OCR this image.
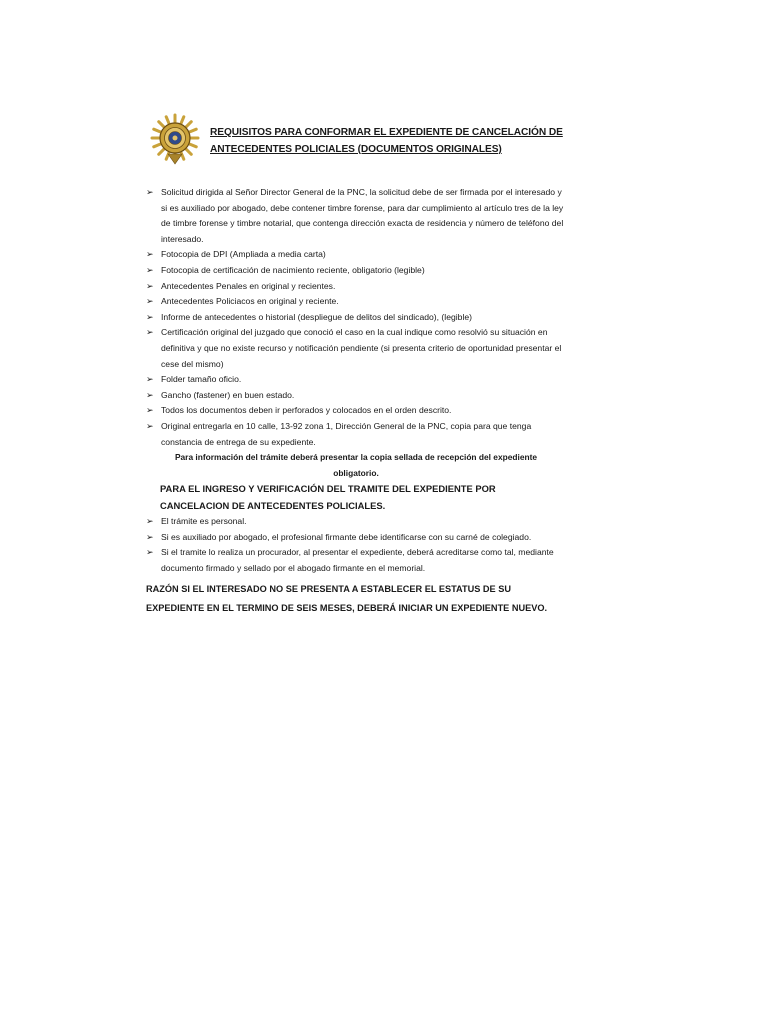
REQUISITOS PARA CONFORMAR EL EXPEDIENTE DE CANCELACIÓN DE ANTECEDENTES POLICIALES (DOCUMENTOS ORIGINALES)
➢ Solicitud dirigida al Señor Director General de la PNC, la solicitud debe de ser firmada por el interesado y si es auxiliado por abogado, debe contener timbre forense, para dar cumplimiento al artículo tres de la ley de timbre forense y timbre notarial, que contenga dirección exacta de residencia y número de teléfono del interesado.
➢ Fotocopia de DPI (Ampliada a media carta)
➢ Fotocopia de certificación de nacimiento reciente, obligatorio (legible)
➢ Antecedentes Penales en original y recientes.
➢ Antecedentes Policiacos en original y reciente.
➢ Informe de antecedentes o historial (despliegue de delitos del sindicado), (legible)
➢ Certificación original del juzgado que conoció el caso en la cual indique como resolvió su situación en definitiva y que no existe recurso y notificación pendiente (si presenta criterio de oportunidad presentar el cese del mismo)
➢ Folder tamaño oficio.
➢ Gancho (fastener) en buen estado.
➢ Todos los documentos deben ir perforados y colocados en el orden descrito.
➢ Original entregarla en 10 calle, 13-92 zona 1, Dirección General de la PNC, copia para que tenga constancia de entrega de su expediente.
Para información del trámite deberá presentar la copia sellada de recepción del expediente obligatorio.
PARA EL INGRESO Y VERIFICACIÓN DEL TRAMITE DEL EXPEDIENTE POR CANCELACION DE ANTECEDENTES POLICIALES.
➢ El trámite es personal.
➢ Si es auxiliado por abogado, el profesional firmante debe identificarse con su carné de colegiado.
➢ Si el tramite lo realiza un procurador, al presentar el expediente, deberá acreditarse como tal, mediante documento firmado y sellado por el abogado firmante en el memorial.
RAZÓN SI EL INTERESADO NO SE PRESENTA A ESTABLECER EL ESTATUS DE SU EXPEDIENTE EN EL TERMINO DE SEIS MESES, DEBERÁ INICIAR UN EXPEDIENTE NUEVO.
